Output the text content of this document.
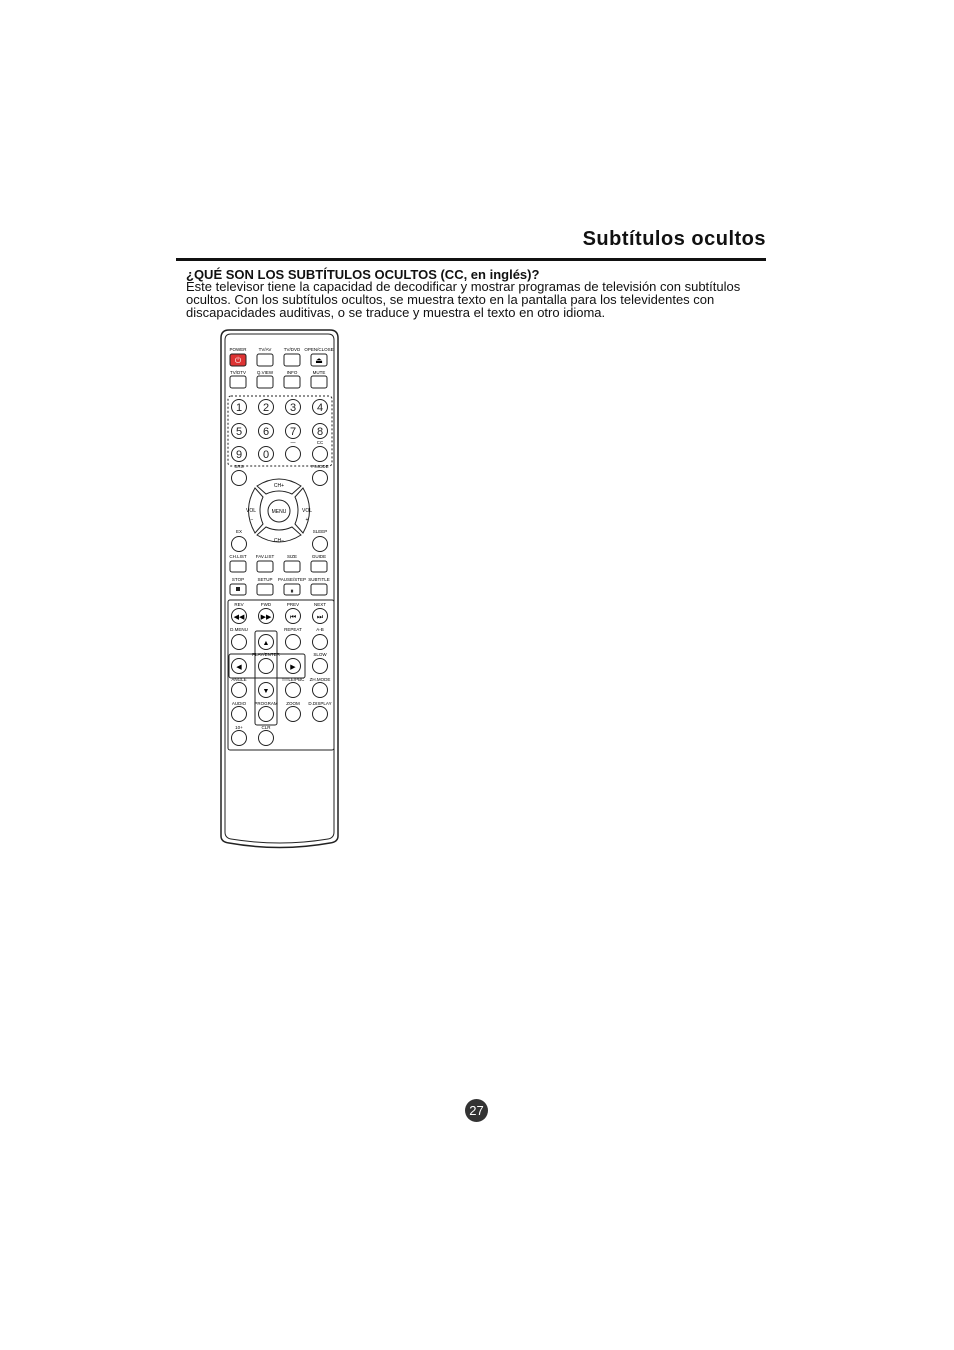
Subtítulos ocultos
¿QUÉ SON LOS SUBTÍTULOS OCULTOS (CC, en inglés)?
Este televisor tiene la capacidad de decodificar y mostrar programas de televisión con subtítulos ocultos. Con los subtítulos ocultos, se muestra texto en la pantalla para los televidentes con discapacidades auditivas, o se traduce y muestra el texto en otro idioma.
⏻
POWER	TV/AV	TV/DVD
⏏
OPEN/CLOSE
TV/DTV Q.VIEW	INFO	MUTE
1 2 3 4
5 6 7 8
9 0
—	CC
SRS	P.MODE
CH+
CH−
VOL
−
VOL
+
MENU
EX	SLEEP
CH.LIST FAV.LIST	SIZE	GUIDE
⏸
STOP	SETUP PAUSE/STEP SUBTITLE
◀◀ ▶▶	⏮	⏭
REV	FWD	PREV	NEXT
▲
◀	▶
▼
D.MENU	REPEAT	A-B
PLAY/ENTER	SLOW
ANGLE	TITLE/PBC ZH.MODE
AUDIO PROGRAM ZOOM D.DISPLAY
10+	CLR
27
